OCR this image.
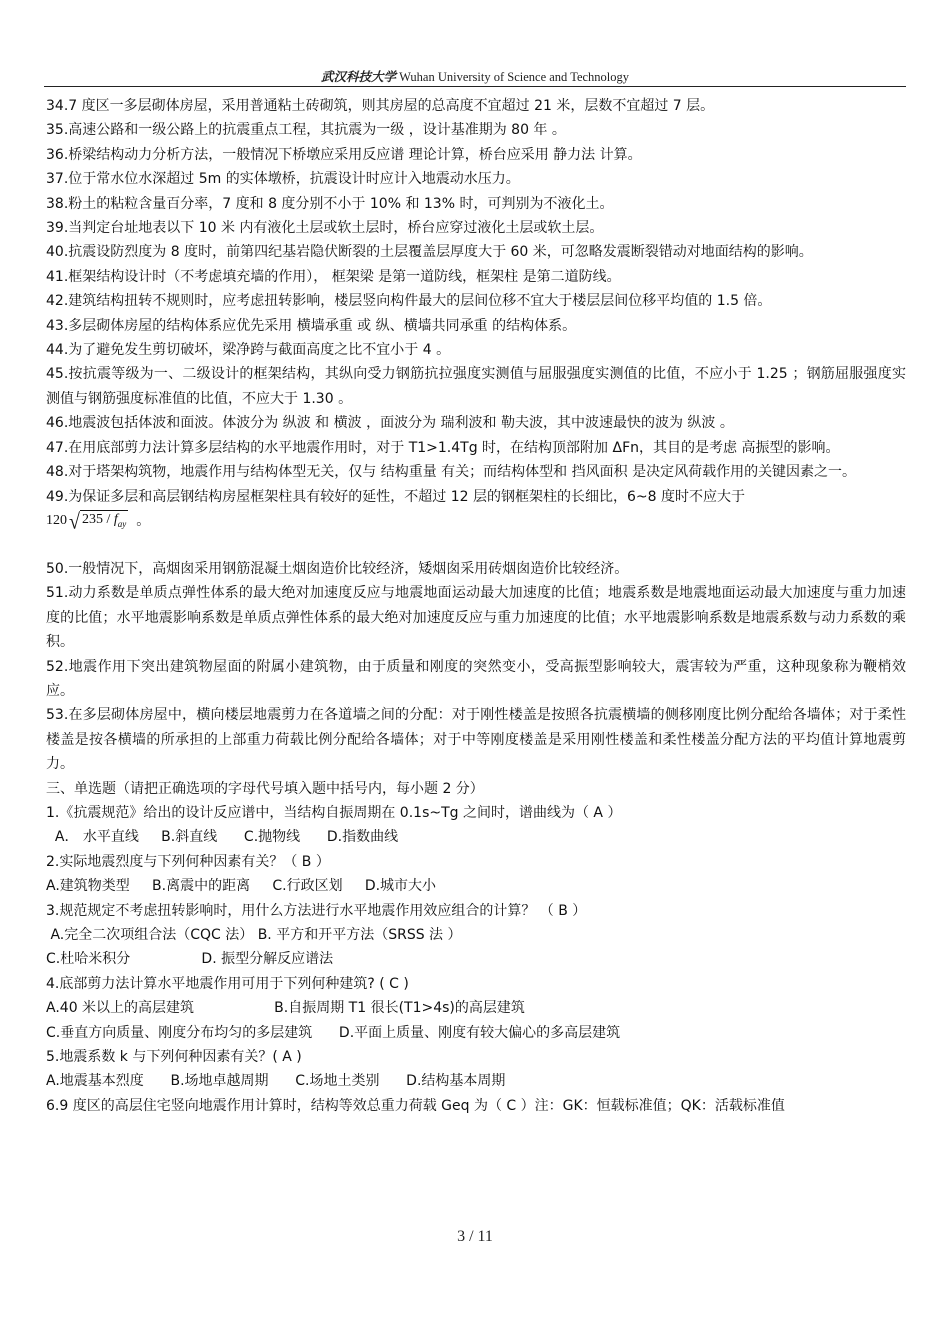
武汉科技大学 Wuhan University of Science and Technology

34.7 度区一多层砌体房屋，采用普通粘土砖砌筑，则其房屋的总高度不宜超过 21 米，层数不宜超过 7 层。

35.高速公路和一级公路上的抗震重点工程，其抗震为一级 ，设计基准期为 80 年 。

36.桥梁结构动力分析方法，一般情况下桥墩应采用反应谱 理论计算，桥台应采用 静力法 计算。

37.位于常水位水深超过 5m 的实体墩桥，抗震设计时应计入地震动水压力。

38.粉土的粘粒含量百分率，7 度和 8 度分别不小于 10% 和 13% 时，可判别为不液化土。

39.当判定台址地表以下 10 米 内有液化土层或软土层时，桥台应穿过液化土层或软土层。

40.抗震设防烈度为 8 度时，前第四纪基岩隐伏断裂的土层覆盖层厚度大于 60 米，可忽略发震断裂错动对地面结构的影响。

41.框架结构设计时（不考虑填充墙的作用）， 框架梁 是第一道防线，框架柱 是第二道防线。

42.建筑结构扭转不规则时，应考虑扭转影响，楼层竖向构件最大的层间位移不宜大于楼层层间位移平均值的 1.5 倍。

43.多层砌体房屋的结构体系应优先采用 横墙承重 或 纵、横墙共同承重 的结构体系。

44.为了避免发生剪切破坏，梁净跨与截面高度之比不宜小于 4 。

45.按抗震等级为一、二级设计的框架结构，其纵向受力钢筋抗拉强度实测值与屈服强度实测值的比值，不应小于 1.25 ；钢筋屈服强度实测值与钢筋强度标准值的比值，不应大于 1.30 。

46.地震波包括体波和面波。体波分为 纵波 和 横波 ，面波分为 瑞利波和 勒夫波，其中波速最快的波为 纵波 。

47.在用底部剪力法计算多层结构的水平地震作用时，对于 T1>1.4Tg 时，在结构顶部附加 ΔFn，其目的是考虑 高振型的影响。

48.对于塔架构筑物，地震作用与结构体型无关，仅与 结构重量 有关；而结构体型和 挡风面积 是决定风荷载作用的关键因素之一。

49.为保证多层和高层钢结构房屋框架柱具有较好的延性，不超过 12 层的钢框架柱的长细比，6~8 度时不应大于

120 √ $235 / f_{ay}$ 。

50.一般情况下，高烟囱采用钢筋混凝土烟囱造价比较经济，矮烟囱采用砖烟囱造价比较经济。

51.动力系数是单质点弹性体系的最大绝对加速度反应与地震地面运动最大加速度的比值；地震系数是地震地面运动最大加速度与重力加速度的比值；水平地震影响系数是单质点弹性体系的最大绝对加速度反应与重力加速度的比值；水平地震影响系数是地震系数与动力系数的乘积。

52.地震作用下突出建筑物屋面的附属小建筑物，由于质量和刚度的突然变小，受高振型影响较大，震害较为严重，这种现象称为鞭梢效应。

53.在多层砌体房屋中，横向楼层地震剪力在各道墙之间的分配：对于刚性楼盖是按照各抗震横墙的侧移刚度比例分配给各墙体；对于柔性楼盖是按各横墙的所承担的上部重力荷载比例分配给各墙体；对于中等刚度楼盖是采用刚性楼盖和柔性楼盖分配方法的平均值计算地震剪力。

三、单选题（请把正确选项的字母代号填入题中括号内，每小题 2 分）

1.《抗震规范》给出的设计反应谱中，当结构自振周期在 0.1s~Tg 之间时，谱曲线为（ A ）

A． 水平直线     B.斜直线      C.抛物线      D.指数曲线

2.实际地震烈度与下列何种因素有关？（ B ）

A.建筑物类型     B.离震中的距离     C.行政区划     D.城市大小

3.规范规定不考虑扭转影响时，用什么方法进行水平地震作用效应组合的计算？ （ B ）

A.完全二次项组合法（CQC 法） B. 平方和开平方法（SRSS 法 ）

C.杜哈米积分                D. 振型分解反应谱法

4.底部剪力法计算水平地震作用可用于下列何种建筑? ( C )

A.40 米以上的高层建筑                  B.自振周期 T1 很长(T1>4s)的高层建筑

C.垂直方向质量、刚度分布均匀的多层建筑      D.平面上质量、刚度有较大偏心的多高层建筑

5.地震系数 k 与下列何种因素有关？( A )

A.地震基本烈度      B.场地卓越周期      C.场地土类别      D.结构基本周期

6.9 度区的高层住宅竖向地震作用计算时，结构等效总重力荷载 Geq 为（ C ）注：GK：恒载标准值；QK：活载标准值

3 / 11
